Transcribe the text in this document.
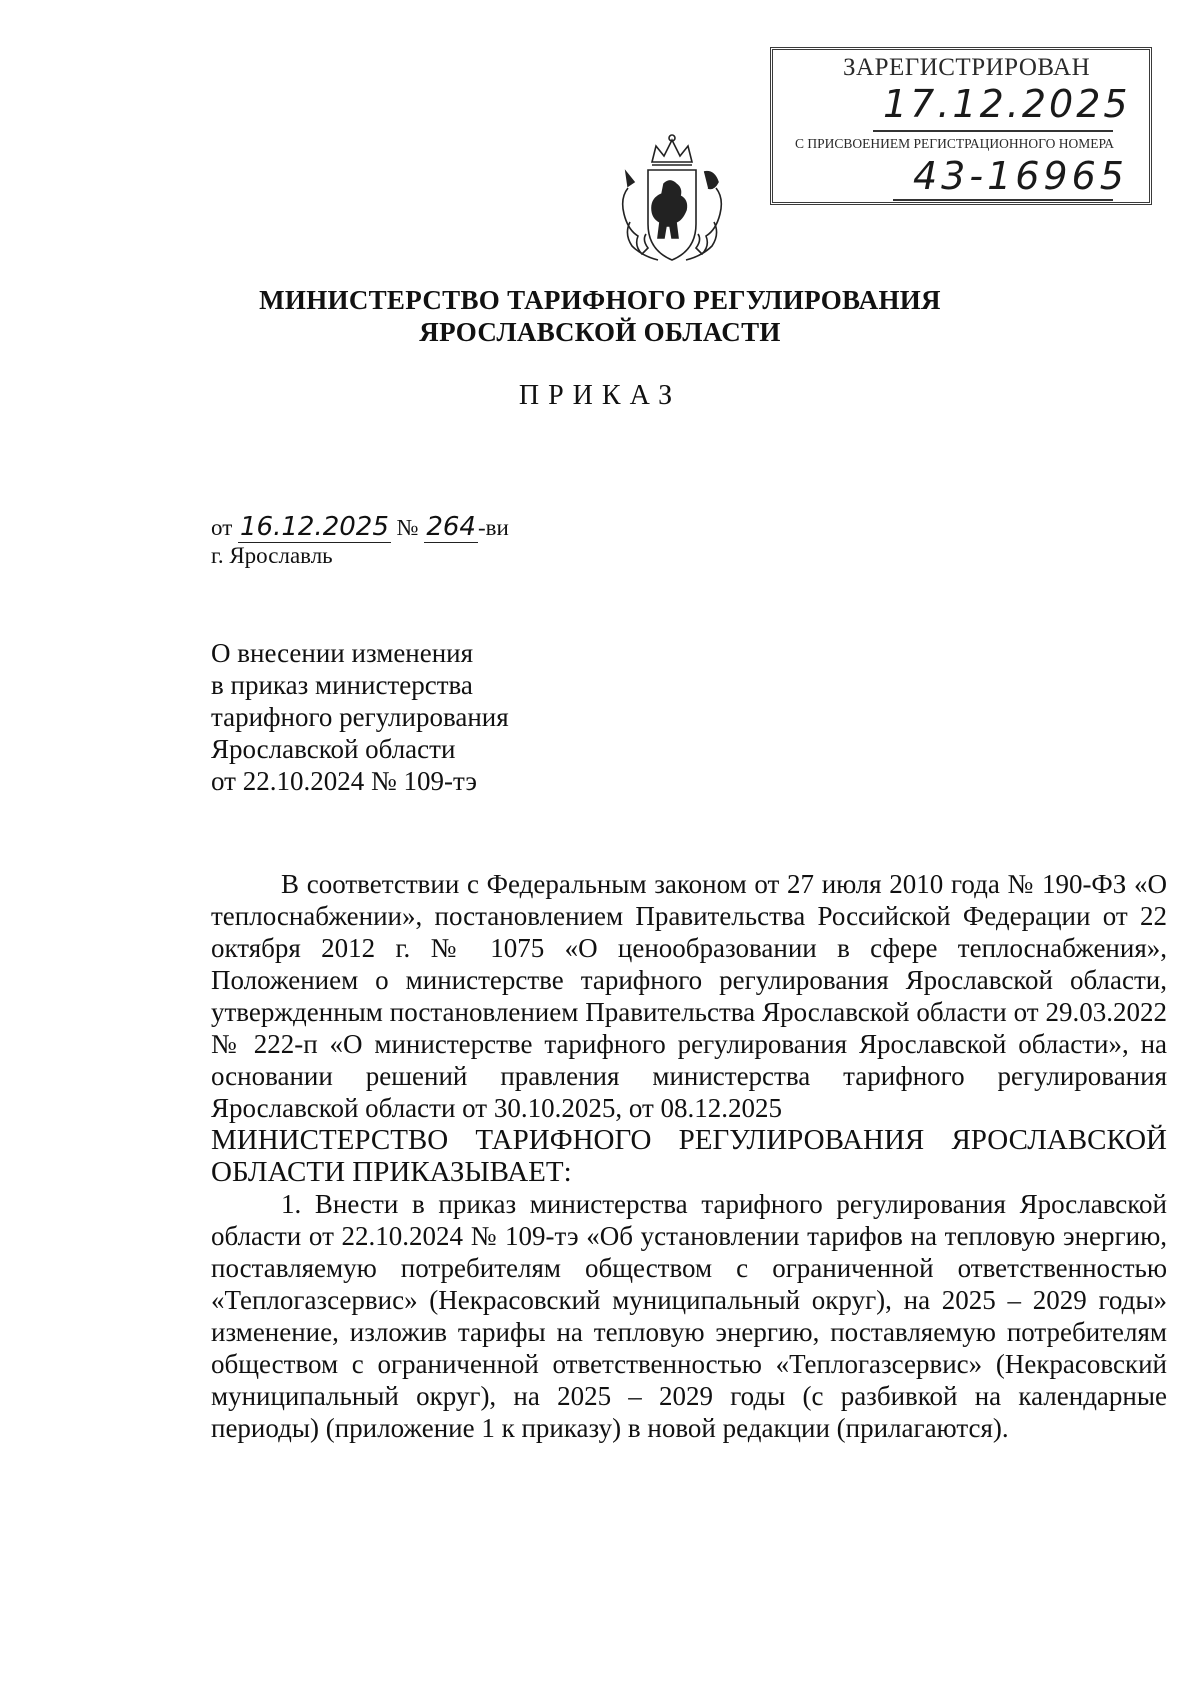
ЗАРЕГИСТРИРОВАН
17.12.2025
С ПРИСВОЕНИЕМ РЕГИСТРАЦИОННОГО НОМЕРА
43-16965
МИНИСТЕРСТВО ТАРИФНОГО РЕГУЛИРОВАНИЯ
ЯРОСЛАВСКОЙ ОБЛАСТИ
ПРИКАЗ
от 16.12.2025 № 264-ви
г. Ярославль
О внесении изменения
в приказ министерства
тарифного регулирования
Ярославской области
от 22.10.2024 № 109-тэ

В соответствии с Федеральным законом от 27 июля 2010 года № 190-ФЗ «О теплоснабжении», постановлением Правительства Российской Федерации от 22 октября 2012 г. № 1075 «О ценообразовании в сфере теплоснабжения», Положением о министерстве тарифного регулирования Ярославской области, утвержденным постановлением Правительства Ярославской области от 29.03.2022 № 222-п «О министерстве тарифного регулирования Ярославской области», на основании решений правления министерства тарифного регулирования Ярославской области от 30.10.2025, от 08.12.2025

МИНИСТЕРСТВО ТАРИФНОГО РЕГУЛИРОВАНИЯ ЯРОСЛАВСКОЙ ОБЛАСТИ ПРИКАЗЫВАЕТ:

1. Внести в приказ министерства тарифного регулирования Ярославской области от 22.10.2024 № 109-тэ «Об установлении тарифов на тепловую энергию, поставляемую потребителям обществом с ограниченной ответственностью «Теплогазсервис» (Некрасовский муниципальный округ), на 2025 – 2029 годы» изменение, изложив тарифы на тепловую энергию, поставляемую потребителям обществом с ограниченной ответственностью «Теплогазсервис» (Некрасовский муниципальный округ), на 2025 – 2029 годы (с разбивкой на календарные периоды) (приложение 1 к приказу) в новой редакции (прилагаются).
